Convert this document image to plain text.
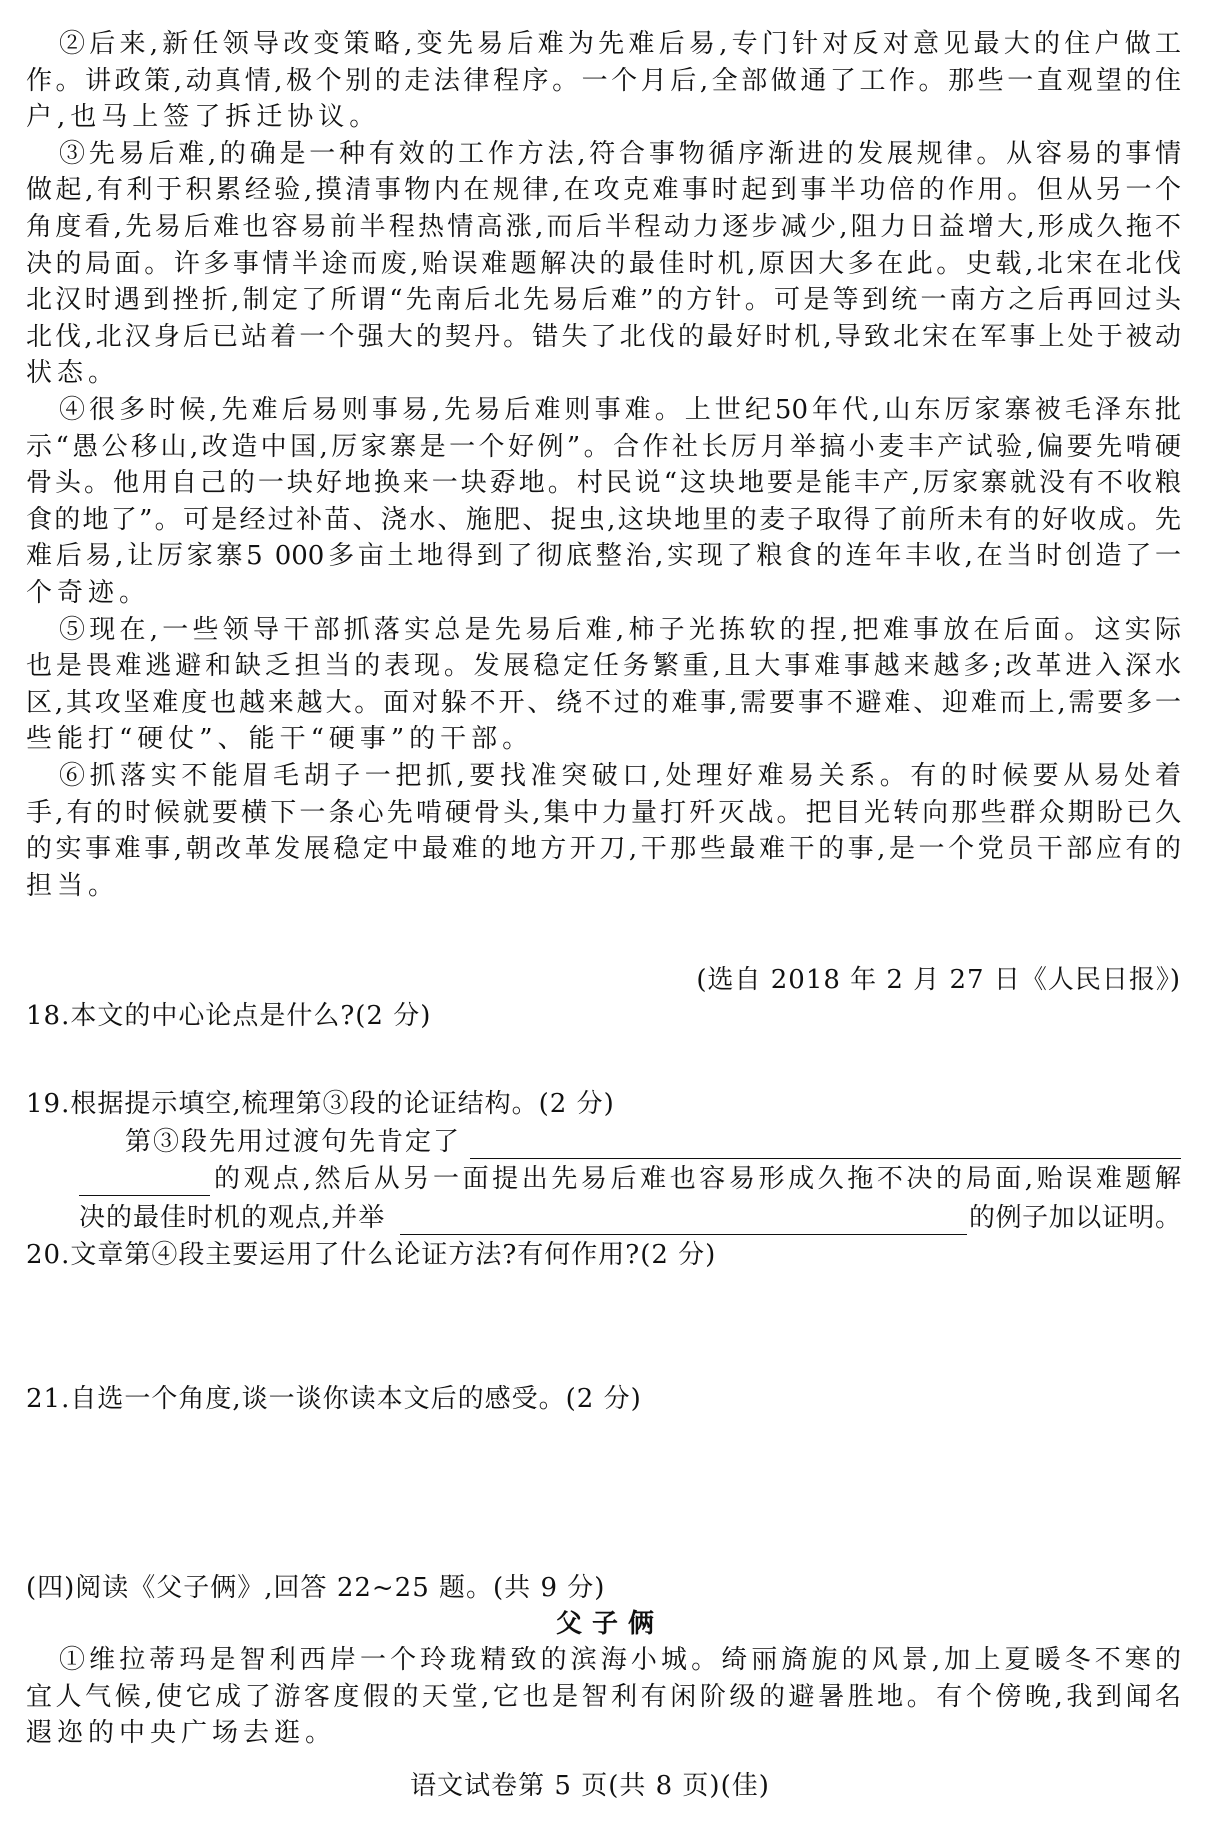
②后来,新任领导改变策略,变先易后难为先难后易,专门针对反对意见最大的住户做工
作。讲政策,动真情,极个别的走法律程序。一个月后,全部做通了工作。那些一直观望的住
户,也马上签了拆迁协议。
③先易后难,的确是一种有效的工作方法,符合事物循序渐进的发展规律。从容易的事情
做起,有利于积累经验,摸清事物内在规律,在攻克难事时起到事半功倍的作用。但从另一个
角度看,先易后难也容易前半程热情高涨,而后半程动力逐步减少,阻力日益增大,形成久拖不
决的局面。许多事情半途而废,贻误难题解决的最佳时机,原因大多在此。史载,北宋在北伐
北汉时遇到挫折,制定了所谓“先南后北先易后难”的方针。可是等到统一南方之后再回过头
北伐,北汉身后已站着一个强大的契丹。错失了北伐的最好时机,导致北宋在军事上处于被动
状态。
④很多时候,先难后易则事易,先易后难则事难。上世纪50年代,山东厉家寨被毛泽东批
示“愚公移山,改造中国,厉家寨是一个好例”。合作社长厉月举搞小麦丰产试验,偏要先啃硬
骨头。他用自己的一块好地换来一块孬地。村民说“这块地要是能丰产,厉家寨就没有不收粮
食的地了”。可是经过补苗、浇水、施肥、捉虫,这块地里的麦子取得了前所未有的好收成。先
难后易,让厉家寨5 000多亩土地得到了彻底整治,实现了粮食的连年丰收,在当时创造了一
个奇迹。
⑤现在,一些领导干部抓落实总是先易后难,柿子光拣软的捏,把难事放在后面。这实际
也是畏难逃避和缺乏担当的表现。发展稳定任务繁重,且大事难事越来越多;改革进入深水
区,其攻坚难度也越来越大。面对躲不开、绕不过的难事,需要事不避难、迎难而上,需要多一
些能打“硬仗”、能干“硬事”的干部。
⑥抓落实不能眉毛胡子一把抓,要找准突破口,处理好难易关系。有的时候要从易处着
手,有的时候就要横下一条心先啃硬骨头,集中力量打歼灭战。把目光转向那些群众期盼已久
的实事难事,朝改革发展稳定中最难的地方开刀,干那些最难干的事,是一个党员干部应有的
担当。
(选自 2018 年 2 月 27 日《人民日报》)
18.本文的中心论点是什么?(2 分)
19.根据提示填空,梳理第③段的论证结构。(2 分)
第③段先用过渡句先肯定了
的观点,然后从另一面提出先易后难也容易形成久拖不决的局面,贻误难题解
决的最佳时机的观点,并举	的例子加以证明。
20.文章第④段主要运用了什么论证方法?有何作用?(2 分)
21.自选一个角度,谈一谈你读本文后的感受。(2 分)
(四)阅读《父子俩》,回答 22~25 题。(共 9 分)
父子俩
①维拉蒂玛是智利西岸一个玲珑精致的滨海小城。绮丽旖旎的风景,加上夏暖冬不寒的
宜人气候,使它成了游客度假的天堂,它也是智利有闲阶级的避暑胜地。有个傍晚,我到闻名
遐迩的中央广场去逛。
语文试卷第 5 页(共 8 页)(佳)
